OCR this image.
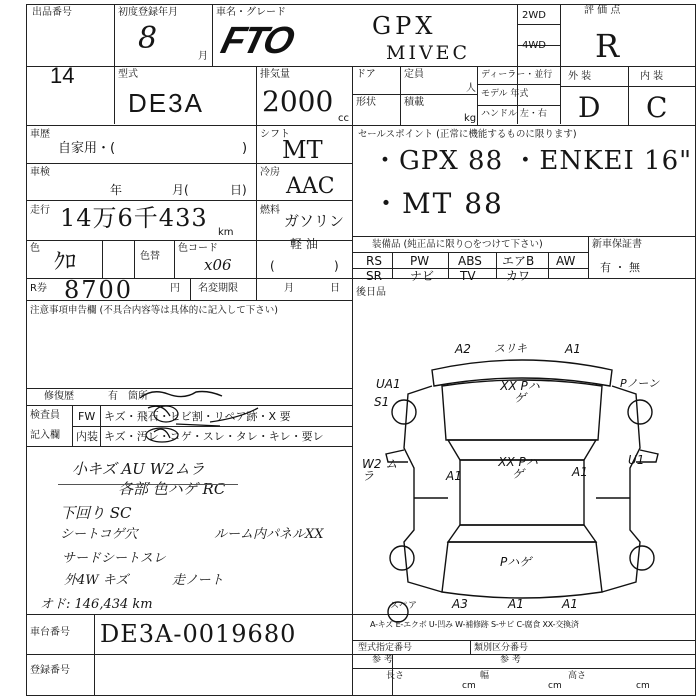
出品番号
14
初度登録年月
8
月
車名・グレード
FTO	GPX
MIVEC
2WD
4WD
評 価 点
R
型式
DE3A
排気量
2000
cc
ドア
形状
定員
人
積載
kg
ディーラー・並行
モデル 年式
ハンドル 左・右
外 装	内 装
D C
車歴
自家用・(	)
車検
年	月(	日)
走行 14万6千433
km
色
ｸﾛ	色替
色コード
x06
R券 8700	円 名変期限	月	日
シフト
MT
冷房
AAC
燃料
ガソリン
軽 油
(	)
セールスポイント (正常に機能するものに限ります)
・GPX 88 ・ENKEI 16"
・MT 88
装備品 (純正品に限り○をつけて下さい)	新車保証書
有 ・ 無
RS PW ABS エアB AW
SR ナビ TV	カワ
後日品
注意事項申告欄 (不具合内容等は具体的に記入して下さい)
修復歴	有 箇所
検査員
記入欄
FW キズ・飛石・ヒビ割・リペア跡・X 要
内装 キズ・汚レ・コゲ・スレ・タレ・キレ・要レ
小キズ AU W2ムラ
各部 色ハゲ RC
下回り SC
シートコゲ穴	ルーム内パネルXX
サードシートスレ
外4W キズ	走ノート
オド: 146,434 km
A2 スリキ	A1
Pノーン
UA1
S1
XX Pハゲ
XX Pハゲ
W2 ムラ	A1	A1
U1
Pハゲ
A3	A1	A1
スペア
A-キズ E-エクボ U-凹み W-補修跡 S-サビ C-腐食 XX-交換済
車台番号 DE3A-0019680
登録番号
型式指定番号
参 考
類別区分番号
参 考
長さ
cm
幅
cm
高さ
cm
